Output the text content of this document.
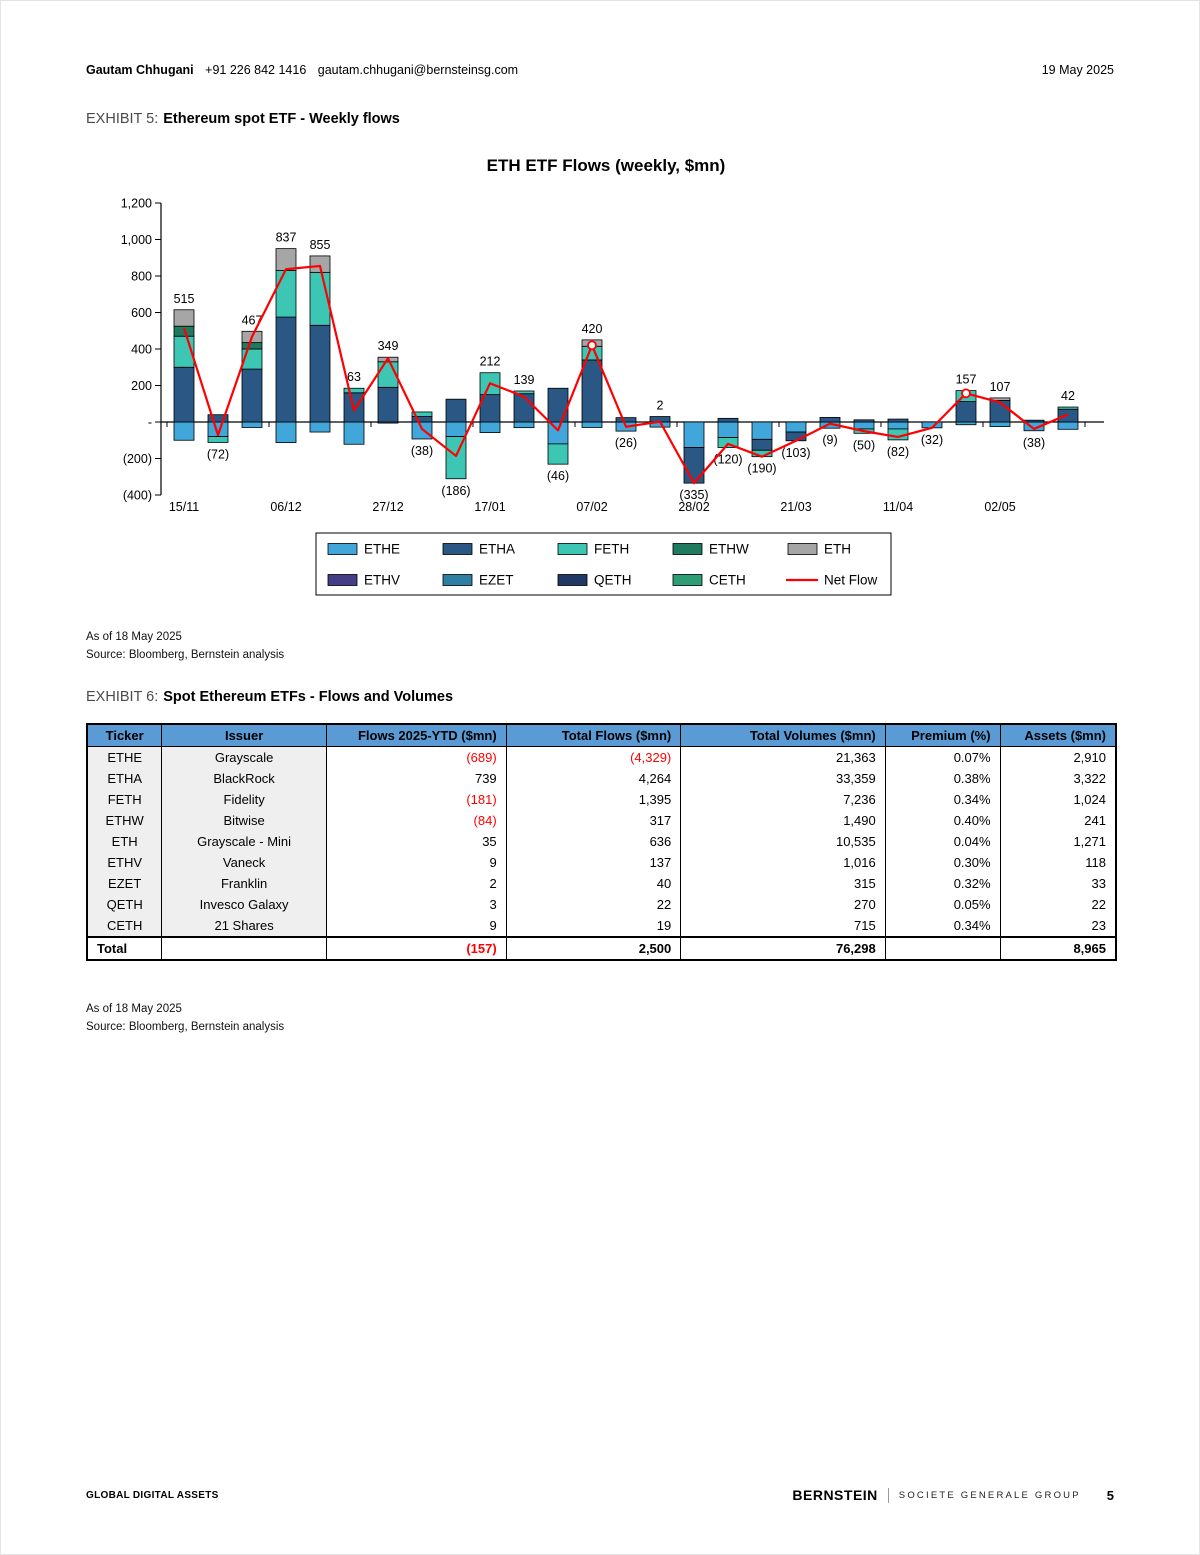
Gautam Chhugani +91 226 842 1416 gautam.chhugani@bernsteinsg.com	19 May 2025
EXHIBIT 5: Ethereum spot ETF - Weekly flows
ETH ETF Flows (weekly, $mn)
1,200
1,000
800
600
400
200
-
(200)
(400)
15/11	06/12	27/12	17/01	07/02	28/02	21/03	11/04	02/05
515
(72)
467
837
855
63
349
(38)
(186)
212
139
(46)
420
(26)
2
(335)
(120)
(190)
(103)
(9) (50) (82)
(32)
157
107
(38)
42
ETHE	ETHA	FETH	ETHW	ETH
ETHV	EZET	QETH	CETH	Net Flow
As of 18 May 2025
Source: Bloomberg, Bernstein analysis
EXHIBIT 6: Spot Ethereum ETFs - Flows and Volumes
Ticker	Issuer	Flows 2025-YTD ($mn)	Total Flows ($mn)	Total Volumes ($mn)	Premium (%)	Assets ($mn)
ETHE	Grayscale	(689)	(4,329)	21,363	0.07%	2,910
ETHA	BlackRock	739	4,264	33,359	0.38%	3,322
FETH	Fidelity	(181)	1,395	7,236	0.34%	1,024
ETHW	Bitwise	(84)	317	1,490	0.40%	241
ETH	Grayscale - Mini	35	636	10,535	0.04%	1,271
ETHV	Vaneck	9	137	1,016	0.30%	118
EZET	Franklin	2	40	315	0.32%	33
QETH	Invesco Galaxy	3	22	270	0.05%	22
CETH	21 Shares	9	19	715	0.34%	23
Total		(157)	2,500	76,298		8,965
As of 18 May 2025
Source: Bloomberg, Bernstein analysis
GLOBAL DIGITAL ASSETS	BERNSTEIN SOCIETE GENERALE GROUP 5
